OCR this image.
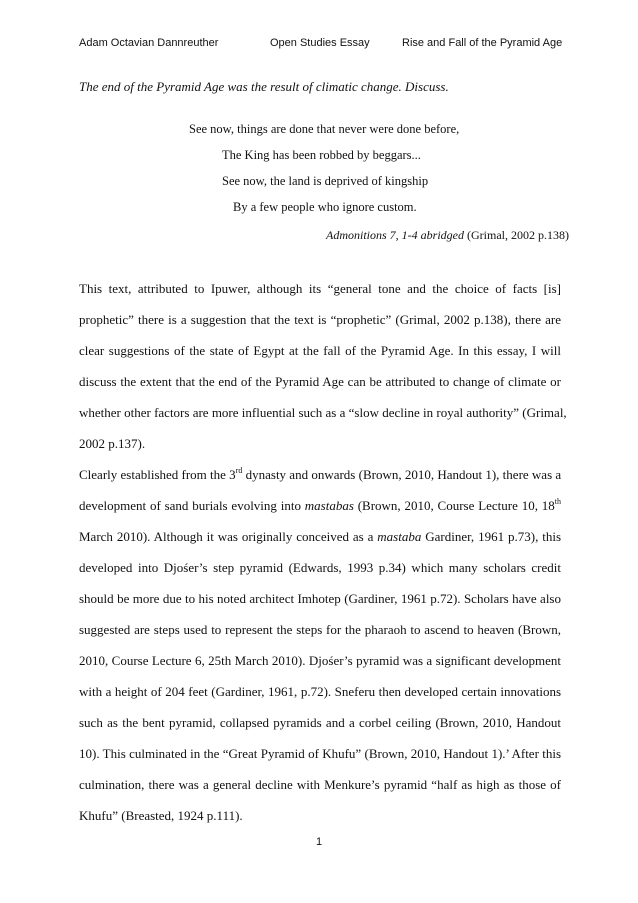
Adam Octavian Dannreuther	Open Studies Essay	Rise and Fall of the Pyramid Age
The end of the Pyramid Age was the result of climatic change. Discuss.
See now, things are done that never were done before,
The King has been robbed by beggars...
See now, the land is deprived of kingship
By a few people who ignore custom.
Admonitions 7, 1-4 abridged (Grimal, 2002 p.138)
This text, attributed to Ipuwer, although its “general tone and the choice of facts [is]
prophetic” there is a suggestion that the text is “prophetic” (Grimal, 2002 p.138), there are
clear suggestions of the state of Egypt at the fall of the Pyramid Age. In this essay, I will
discuss the extent that the end of the Pyramid Age can be attributed to change of climate or
whether other factors are more influential such as a “slow decline in royal authority” (Grimal,
2002 p.137).
Clearly established from the 3rd dynasty and onwards (Brown, 2010, Handout 1), there was a
development of sand burials evolving into mastabas (Brown, 2010, Course Lecture 10, 18th
March 2010). Although it was originally conceived as a mastaba Gardiner, 1961 p.73), this
developed into Djośer’s step pyramid (Edwards, 1993 p.34) which many scholars credit
should be more due to his noted architect Imhotep (Gardiner, 1961 p.72). Scholars have also
suggested are steps used to represent the steps for the pharaoh to ascend to heaven (Brown,
2010, Course Lecture 6, 25th March 2010). Djośer’s pyramid was a significant development
with a height of 204 feet (Gardiner, 1961, p.72). Sneferu then developed certain innovations
such as the bent pyramid, collapsed pyramids and a corbel ceiling (Brown, 2010, Handout
10). This culminated in the “Great Pyramid of Khufu” (Brown, 2010, Handout 1).’ After this
culmination, there was a general decline with Menkure’s pyramid “half as high as those of
Khufu” (Breasted, 1924 p.111).
1
